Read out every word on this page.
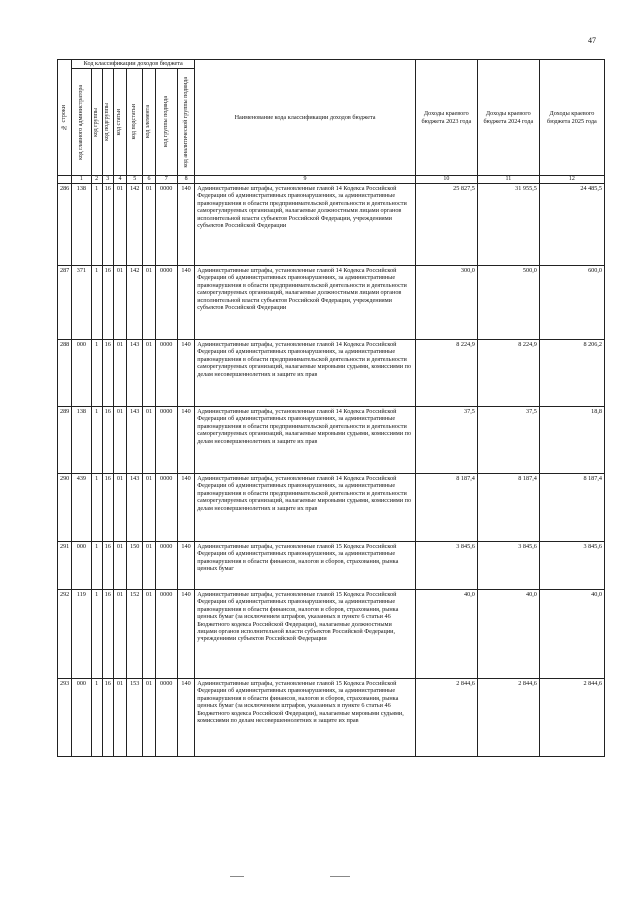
47
№ строки	Код классификации доходов бюджета								Наименование кода классификации доходов бюджета	Доходы краевого бюджета 2023 года	Доходы краевого бюджета 2024 года	Доходы краевого бюджета 2025 года

	код главного администратора	код группы	код подгруппы	код статьи	код подстатьи	код элемента	код группы подвида	код аналитической группы подвида				

	1	2	3	4	5	6	7	8	9	10	11	12
286	138	1	16	01	142	01	0000	140	Административные штрафы, установленные главой 14 Кодекса Российской Федерации об административных правонарушениях, за административные правонарушения в области предпринимательской деятельности и деятельности саморегулируемых организаций, налагаемые должностными лицами органов исполнительной власти субъектов Российской Федерации, учреждениями субъектов Российской Федерации	25 827,5	31 955,5	24 485,5
287	371	1	16	01	142	01	0000	140	Административные штрафы, установленные главой 14 Кодекса Российской Федерации об административных правонарушениях, за административные правонарушения в области предпринимательской деятельности и деятельности саморегулируемых организаций, налагаемые должностными лицами органов исполнительной власти субъектов Российской Федерации, учреждениями субъектов Российской Федерации	300,0	500,0	600,0
288	000	1	16	01	143	01	0000	140	Административные штрафы, установленные главой 14 Кодекса Российской Федерации об административных правонарушениях, за административные правонарушения в области предпринимательской деятельности и деятельности саморегулируемых организаций, налагаемые мировыми судьями, комиссиями по делам несовершеннолетних и защите их прав	8 224,9	8 224,9	8 206,2
289	138	1	16	01	143	01	0000	140	Административные штрафы, установленные главой 14 Кодекса Российской Федерации об административных правонарушениях, за административные правонарушения в области предпринимательской деятельности и деятельности саморегулируемых организаций, налагаемые мировыми судьями, комиссиями по делам несовершеннолетних и защите их прав	37,5	37,5	18,8
290	439	1	16	01	143	01	0000	140	Административные штрафы, установленные главой 14 Кодекса Российской Федерации об административных правонарушениях, за административные правонарушения в области предпринимательской деятельности и деятельности саморегулируемых организаций, налагаемые мировыми судьями, комиссиями по делам несовершеннолетних и защите их прав	8 187,4	8 187,4	8 187,4
291	000	1	16	01	150	01	0000	140	Административные штрафы, установленные главой 15 Кодекса Российской Федерации об административных правонарушениях, за административные правонарушения в области финансов, налогов и сборов, страхования, рынка ценных бумаг	3 845,6	3 845,6	3 845,6
292	119	1	16	01	152	01	0000	140	Административные штрафы, установленные главой 15 Кодекса Российской Федерации об административных правонарушениях, за административные правонарушения в области финансов, налогов и сборов, страхования, рынка ценных бумаг (за исключением штрафов, указанных в пункте 6 статьи 46 Бюджетного кодекса Российской Федерации), налагаемые должностными лицами органов исполнительной власти субъектов Российской Федерации, учреждениями субъектов Российской Федерации	40,0	40,0	40,0
293	000	1	16	01	153	01	0000	140	Административные штрафы, установленные главой 15 Кодекса Российской Федерации об административных правонарушениях, за административные правонарушения в области финансов, налогов и сборов, страхования, рынка ценных бумаг (за исключением штрафов, указанных в пункте 6 статьи 46 Бюджетного кодекса Российской Федерации), налагаемые мировыми судьями, комиссиями по делам несовершеннолетних и защите их прав	2 844,6	2 844,6	2 844,6
